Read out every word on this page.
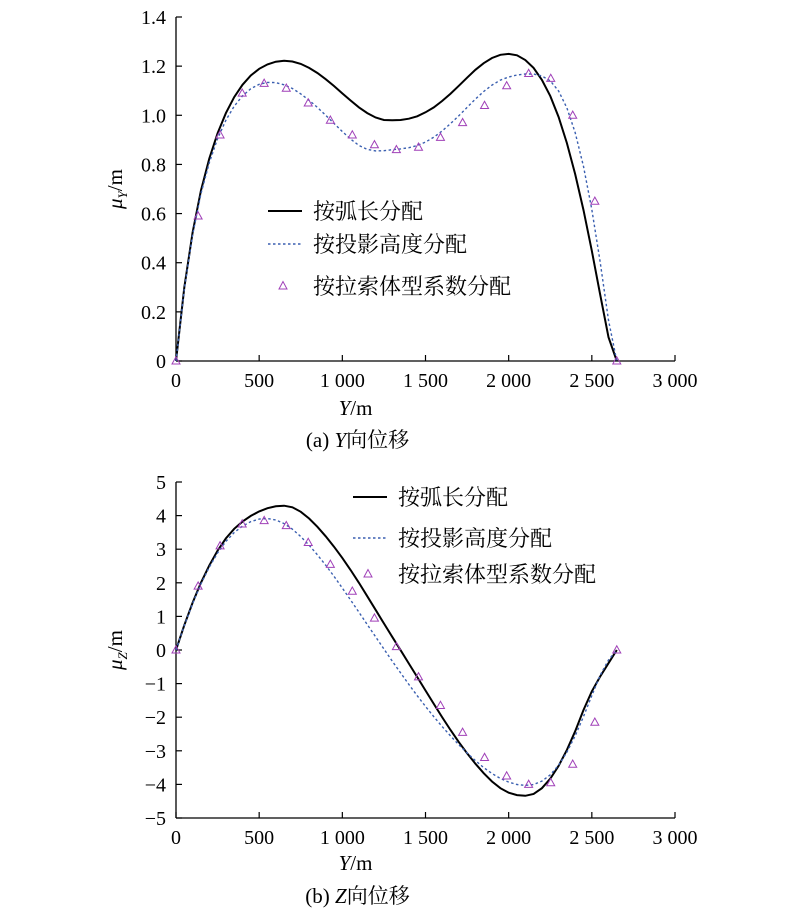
0	500 1 000 1 500 2 000 2 500 3 000
0
0.2
0.4
0.6
0.8
1.0
1.2
1.4
按弧长分配
按投影高度分配
按拉索体型系数分配
Y/m
$\mu_Y/m$
(a) Y向位移
0	500 1 000 1 500 2 000 2 500 3 000
−5
−4
−3
−2
−1
0
1
2
3
4
5
按弧长分配
按投影高度分配
按拉索体型系数分配
Y/m
$\mu_Z/m$
(b) Z向位移
